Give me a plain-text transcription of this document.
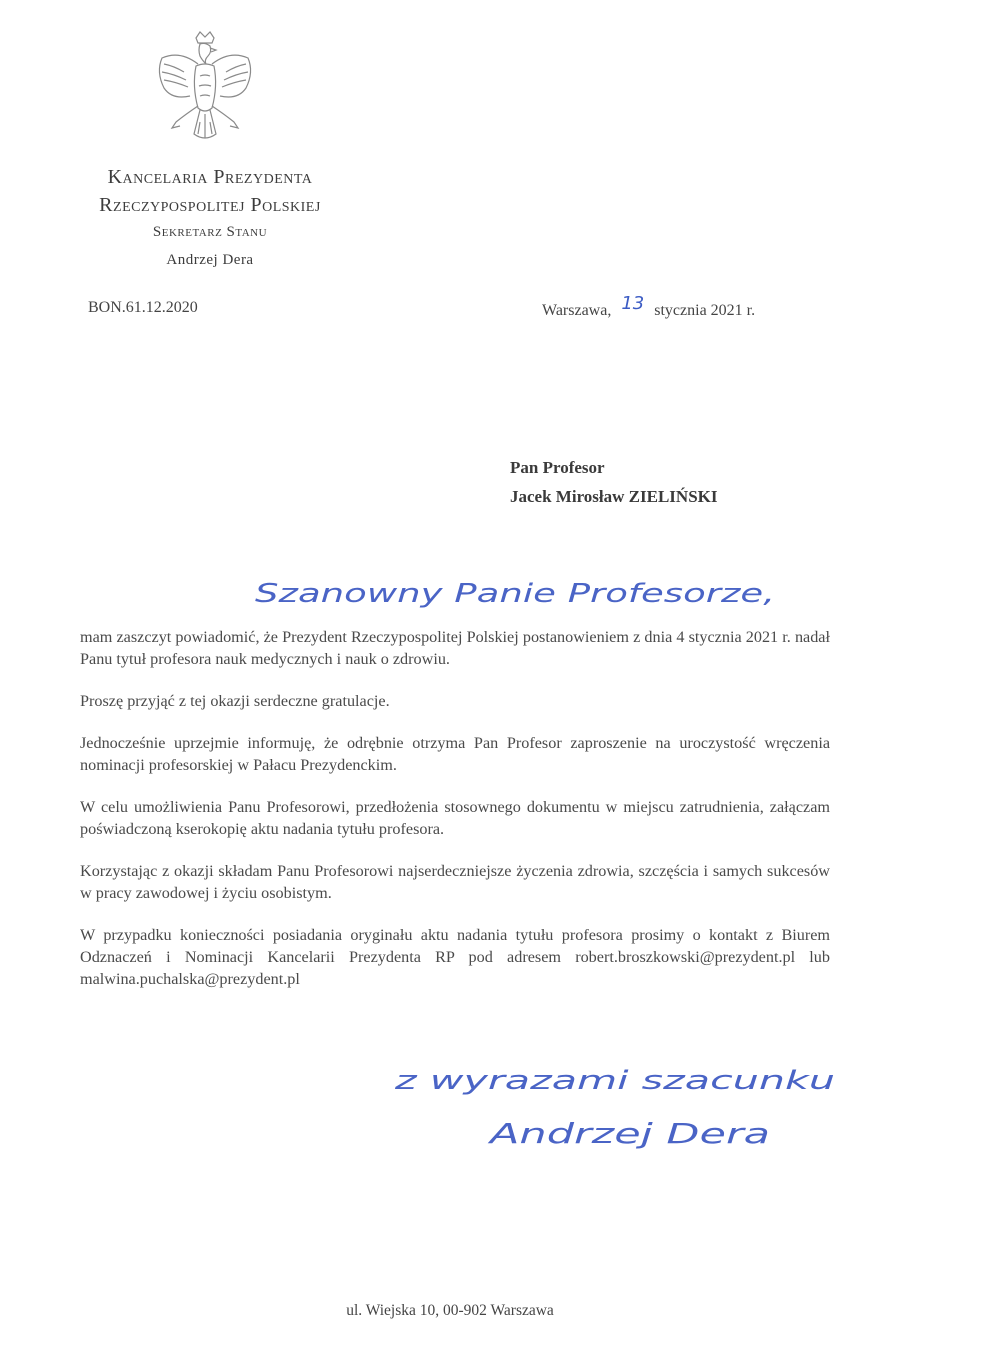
Kancelaria Prezydenta
Rzeczypospolitej Polskiej
Sekretarz Stanu
Andrzej Dera
BON.61.12.2020	Warszawa, 13 stycznia 2021 r.
Pan Profesor
Jacek Mirosław ZIELIŃSKI
Szanowny Panie Profesorze,

mam zaszczyt powiadomić, że Prezydent Rzeczypospolitej Polskiej postanowieniem z dnia 4 stycznia 2021 r. nadał Panu tytuł profesora nauk medycznych i nauk o zdrowiu.

Proszę przyjąć z tej okazji serdeczne gratulacje.

Jednocześnie uprzejmie informuję, że odrębnie otrzyma Pan Profesor zaproszenie na uroczystość wręczenia nominacji profesorskiej w Pałacu Prezydenckim.

W celu umożliwienia Panu Profesorowi, przedłożenia stosownego dokumentu w miejscu zatrudnienia, załączam poświadczoną kserokopię aktu nadania tytułu profesora.

Korzystając z okazji składam Panu Profesorowi najserdeczniejsze życzenia zdrowia, szczęścia i samych sukcesów w pracy zawodowej i życiu osobistym.

W przypadku konieczności posiadania oryginału aktu nadania tytułu profesora prosimy o kontakt z Biurem Odznaczeń i Nominacji Kancelarii Prezydenta RP pod adresem robert.broszkowski@prezydent.pl lub malwina.puchalska@prezydent.pl

z wyrazami szacunku
Andrzej Dera
ul. Wiejska 10, 00-902 Warszawa
